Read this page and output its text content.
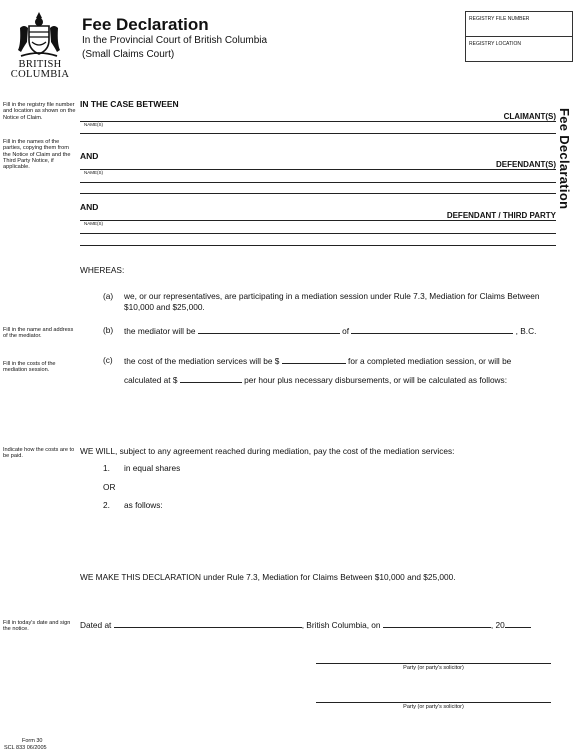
BRITISH
COLUMBIA
Fee Declaration
In the Provincial Court of British Columbia
(Small Claims Court)
REGISTRY FILE NUMBER
REGISTRY LOCATION
Fee Declaration
Fill in the registry file number and location as shown on the Notice of Claim.
Fill in the names of the parties, copying them from the Notice of Claim and the Third Party Notice, if applicable.
Fill in the name and address of the mediator.
Fill in the costs of the mediation session.
Indicate how the costs are to be paid.
Fill in today's date and sign the notice.
IN THE CASE BETWEEN
CLAIMANT(S)
NAME(S)
AND
DEFENDANT(S)
NAME(S)
AND
DEFENDANT / THIRD PARTY
NAME(S)
WHEREAS:
(a) we, or our representatives, are participating in a mediation session under Rule 7.3, Mediation for Claims Between $10,000 and $25,000.
(b) the mediator will be	of	, B.C.
(c) the cost of the mediation services will be $	for a completed mediation session, or will be
calculated at $	per hour plus necessary disbursements, or will be calculated as follows:
WE WILL, subject to any agreement reached during mediation, pay the cost of the mediation services:
1. in equal shares
OR
2. as follows:
WE MAKE THIS DECLARATION under Rule 7.3, Mediation for Claims Between $10,000 and $25,000.
Dated at	, British Columbia, on	, 20
Party (or party's solicitor)
Party (or party's solicitor)
Form 30
SCL 833 06/2005
